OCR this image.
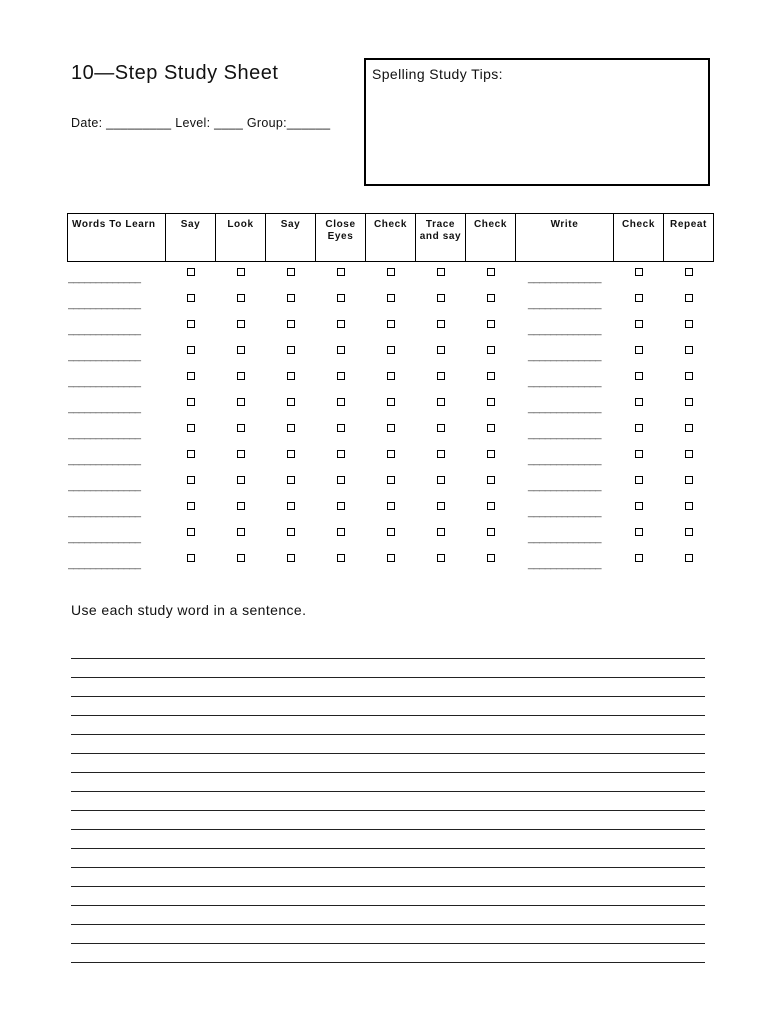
10—Step Study Sheet
Date: _________ Level: ____ Group:______
Spelling Study Tips:
Words To Learn	Say	Look	Say	Close Eyes	Check	Trace and say	Check	Write	Check	Repeat

_____________								_____________		

_____________								_____________		

_____________								_____________		

_____________								_____________		

_____________								_____________		

_____________								_____________		

_____________								_____________		

_____________								_____________		

_____________								_____________		

_____________								_____________		

_____________								_____________		

_____________								_____________		

Use each study word in a sentence.
